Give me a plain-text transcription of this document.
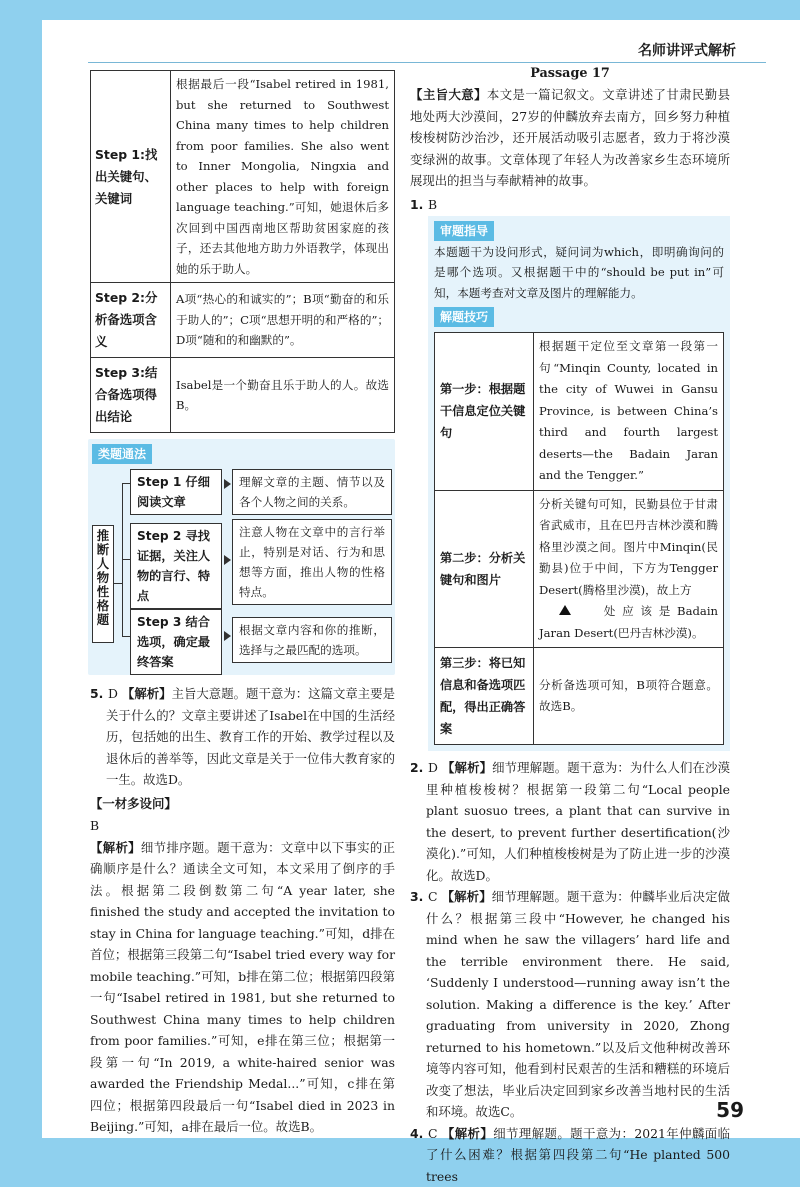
名师讲评式解析
Step 1:找出关键句、关键词	根据最后一段“Isabel retired in 1981, but she returned to Southwest China many times to help children from poor families. She also went to Inner Mongolia, Ningxia and other places to help with foreign language teaching.”可知，她退休后多次回到中国西南地区帮助贫困家庭的孩子，还去其他地方助力外语教学，体现出她的乐于助人。
Step 2:分析备选项含义	A项“热心的和诚实的”；B项“勤奋的和乐于助人的”；C项“思想开明的和严格的”；D项“随和的和幽默的”。
Step 3:结合备选项得出结论	Isabel是一个勤奋且乐于助人的人。故选B。
类题通法
推断人物性格题
Step 1 仔细阅读文章
理解文章的主题、情节以及各个人物之间的关系。
Step 2 寻找证据，关注人物的言行、特点
注意人物在文章中的言行举止，特别是对话、行为和思想等方面，推出人物的性格特点。
Step 3 结合选项，确定最终答案
根据文章内容和你的推断，选择与之最匹配的选项。
5. D 【解析】主旨大意题。题干意为：这篇文章主要是关于什么的？文章主要讲述了Isabel在中国的生活经历，包括她的出生、教育工作的开始、教学过程以及退休后的善举等，因此文章是关于一位伟大教育家的一生。故选D。
【一材多设问】
B
【解析】细节排序题。题干意为：文章中以下事实的正确顺序是什么？通读全文可知，本文采用了倒序的手法。根据第二段倒数第二句“A year later, she finished the study and accepted the invitation to stay in China for language teaching.”可知，d排在首位；根据第三段第二句“Isabel tried every way for mobile teaching.”可知，b排在第二位；根据第四段第一句“Isabel retired in 1981, but she returned to Southwest China many times to help children from poor families.”可知，e排在第三位；根据第一段第一句“In 2019, a white-haired senior was awarded the Friendship Medal...”可知，c排在第四位；根据第四段最后一句“Isabel died in 2023 in Beijing.”可知，a排在最后一位。故选B。
Passage 17
【主旨大意】本文是一篇记叙文。文章讲述了甘肃民勤县地处两大沙漠间，27岁的仲麟放弃去南方，回乡努力种植梭梭树防沙治沙，还开展活动吸引志愿者，致力于将沙漠变绿洲的故事。文章体现了年轻人为改善家乡生态环境所展现出的担当与奉献精神的故事。
1. B
审题指导
本题题干为设问形式，疑问词为which，即明确询问的是哪个选项。又根据题干中的“should be put in”可知，本题考查对文章及图片的理解能力。
解题技巧
第一步：根据题干信息定位关键句	根据题干定位至文章第一段第一句“Minqin County, located in the city of Wuwei in Gansu Province, is between China’s third and fourth largest deserts—the Badain Jaran and the Tengger.”
第二步：分析关键句和图片	分析关键句可知，民勤县位于甘肃省武威市，且在巴丹吉林沙漠和腾格里沙漠之间。图片中Minqin(民勤县)位于中间，下方为Tengger Desert(腾格里沙漠)，故上方
处应该是Badain Jaran Desert(巴丹吉林沙漠)。
第三步：将已知信息和备选项匹配，得出正确答案	分析备选项可知，B项符合题意。故选B。
2. D 【解析】细节理解题。题干意为：为什么人们在沙漠里种植梭梭树？根据第一段第二句“Local people plant suosuo trees, a plant that can survive in the desert, to prevent further desertification(沙漠化).”可知，人们种植梭梭树是为了防止进一步的沙漠化。故选D。
3. C 【解析】细节理解题。题干意为：仲麟毕业后决定做什么？根据第三段中“However, he changed his mind when he saw the villagers’ hard life and the terrible environment there. He said, ‘Suddenly I understood—running away isn’t the solution. Making a difference is the key.’ After graduating from university in 2020, Zhong returned to his hometown.”以及后文他种树改善环境等内容可知，他看到村民艰苦的生活和糟糕的环境后改变了想法，毕业后决定回到家乡改善当地村民的生活和环境。故选C。
4. C 【解析】细节理解题。题干意为：2021年仲麟面临了什么困难？根据第四段第二句“He planted 500 trees
59
